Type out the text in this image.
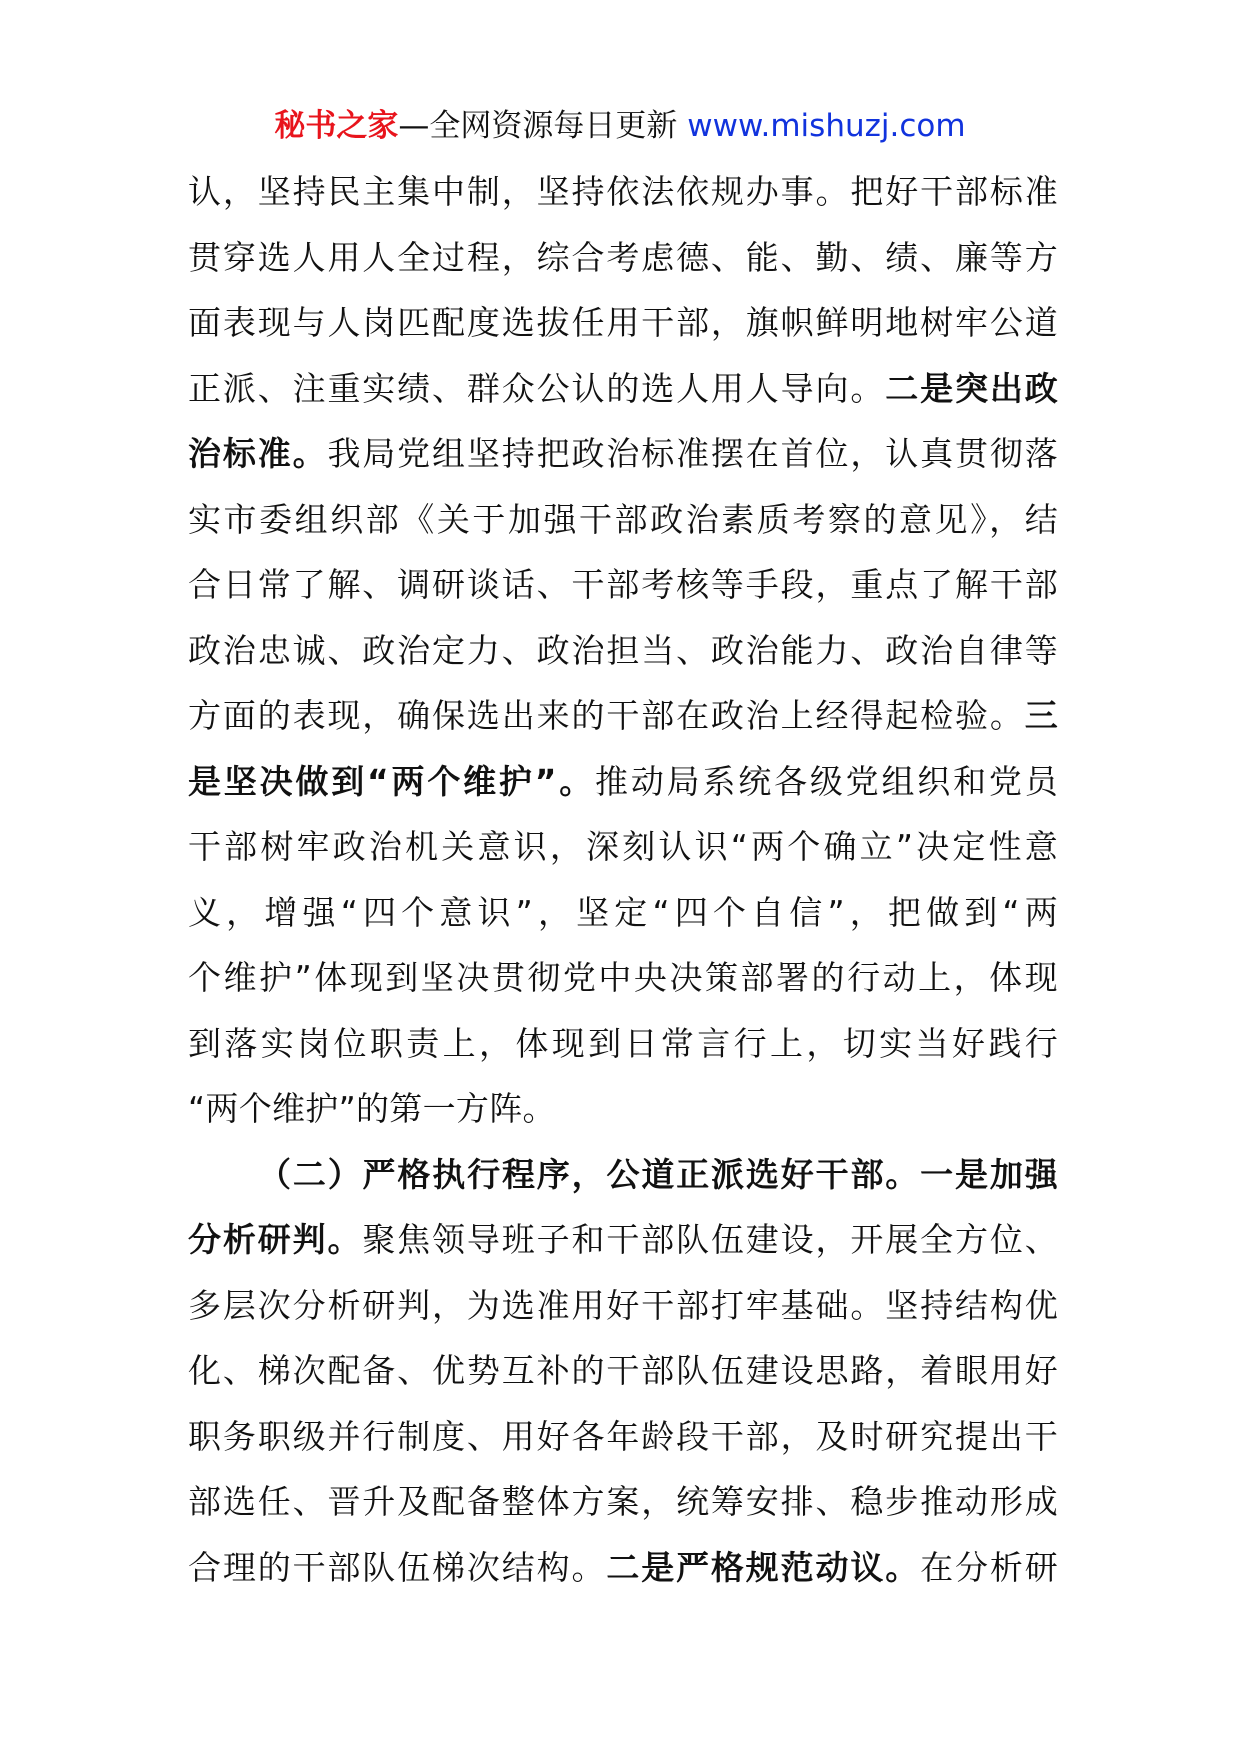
秘书之家—全网资源每日更新 www.mishuzj.com
认，坚持民主集中制，坚持依法依规办事。把好干部标准
贯穿选人用人全过程，综合考虑德、能、勤、绩、廉等方
面表现与人岗匹配度选拔任用干部，旗帜鲜明地树牢公道
正派、注重实绩、群众公认的选人用人导向。二是突出政
治标准。我局党组坚持把政治标准摆在首位，认真贯彻落
实市委组织部《关于加强干部政治素质考察的意见》，结
合日常了解、调研谈话、干部考核等手段，重点了解干部
政治忠诚、政治定力、政治担当、政治能力、政治自律等
方面的表现，确保选出来的干部在政治上经得起检验。三
是坚决做到“两个维护”。推动局系统各级党组织和党员
干部树牢政治机关意识，深刻认识“两个确立”决定性意
义，增强“四个意识”，坚定“四个自信”，把做到“两
个维护”体现到坚决贯彻党中央决策部署的行动上，体现
到落实岗位职责上，体现到日常言行上，切实当好践行
“两个维护”的第一方阵。
（二）严格执行程序，公道正派选好干部。一是加强
分析研判。聚焦领导班子和干部队伍建设，开展全方位、
多层次分析研判，为选准用好干部打牢基础。坚持结构优
化、梯次配备、优势互补的干部队伍建设思路，着眼用好
职务职级并行制度、用好各年龄段干部，及时研究提出干
部选任、晋升及配备整体方案，统筹安排、稳步推动形成
合理的干部队伍梯次结构。二是严格规范动议。在分析研
